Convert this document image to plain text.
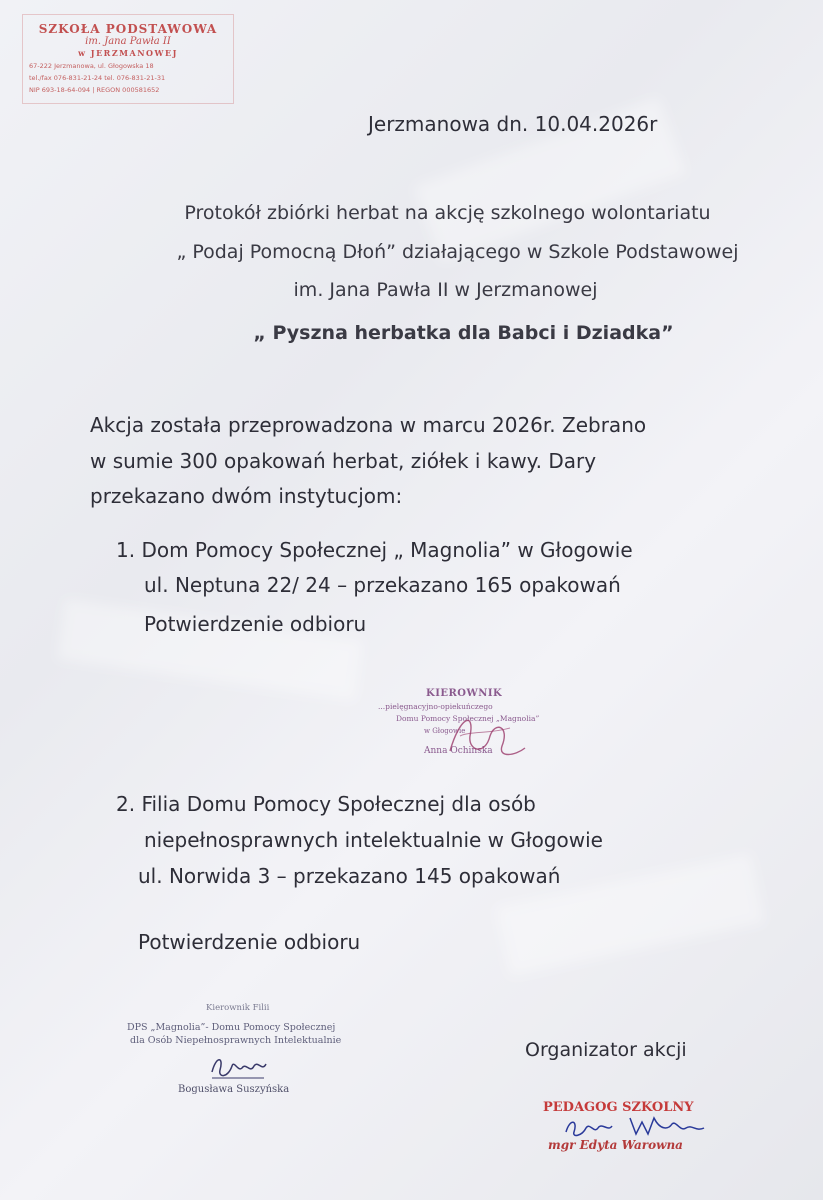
SZKOŁA PODSTAWOWA
im. Jana Pawła II
w JERZMANOWEJ
67-222 Jerzmanowa, ul. Głogowska 18
tel./fax 076-831-21-24 tel. 076-831-21-31
NIP 693-18-64-094 | REGON 000581652
Jerzmanowa dn. 10.04.2026r
Protokół zbiórki herbat na akcję szkolnego wolontariatu
„ Podaj Pomocną Dłoń” działającego w Szkole Podstawowej
im. Jana Pawła II w Jerzmanowej
„ Pyszna herbatka dla Babci i Dziadka”
Akcja została przeprowadzona w marcu 2026r. Zebrano
w sumie 300 opakowań herbat, ziółek i kawy. Dary
przekazano dwóm instytucjom:
1. Dom Pomocy Społecznej „ Magnolia” w Głogowie
ul. Neptuna 22/ 24 – przekazano 165 opakowań
Potwierdzenie odbioru
KIEROWNIK
...pielęgnacyjno-opiekuńczego
Domu Pomocy Społecznej „Magnolia”
w Głogowie
Anna Ochinska
2. Filia Domu Pomocy Społecznej dla osób
niepełnosprawnych intelektualnie w Głogowie
ul. Norwida 3 – przekazano 145 opakowań
Potwierdzenie odbioru
Kierownik Filii
DPS „Magnolia”- Domu Pomocy Społecznej
dla Osób Niepełnosprawnych Intelektualnie
Bogusława Suszyńska
Organizator akcji
PEDAGOG SZKOLNY
mgr Edyta Warowna
